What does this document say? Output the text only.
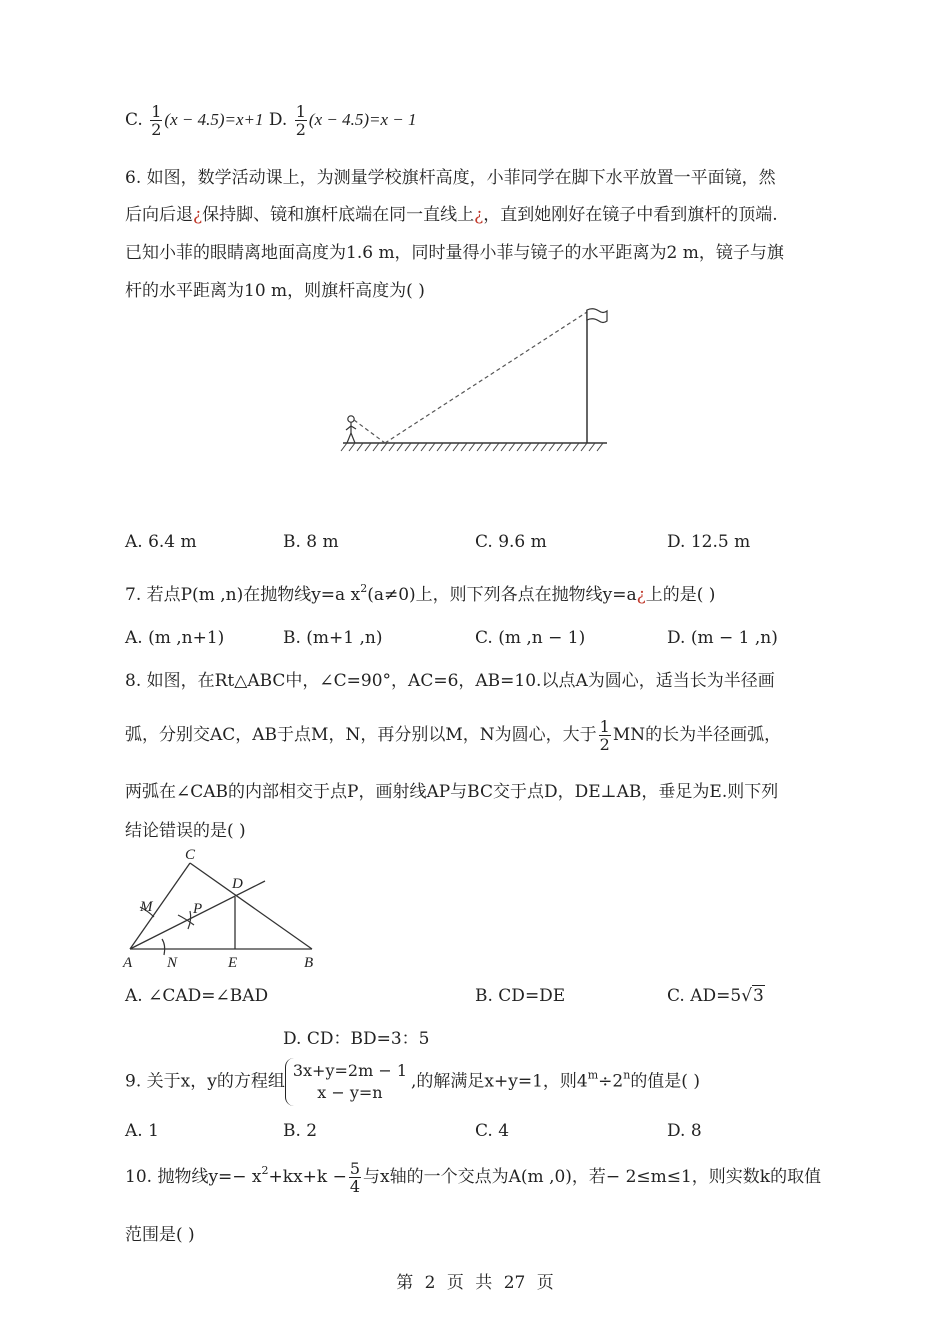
C. $\frac{1}{2} (x - 4.5)=x+1$ D. $\frac{1}{2} (x - 4.5)=x - 1$
6. 如图，数学活动课上，为测量学校旗杆高度，小菲同学在脚下水平放置一平面镜，然
后向后退¿保持脚、镜和旗杆底端在同一直线上¿，直到她刚好在镜子中看到旗杆的顶端.
已知小菲的眼睛离地面高度为1.6 m，同时量得小菲与镜子的水平距离为2 m，镜子与旗
杆的水平距离为10 m，则旗杆高度为( )
A. 6.4 m	B. 8 m	C. 9.6 m	D. 12.5 m
7. 若点P(m ,n)在抛物线y=a $x^2(a\ne 0)$上，则下列各点在抛物线y=a¿上的是( )
A. (m ,n+1)	B. (m+1 ,n)	C. (m ,n − 1)	D. (m − 1 ,n)
8. 如图，在Rt△ABC中，∠C=90°，AC=6，AB=10.以点A为圆心，适当长为半径画
弧，分别交AC，AB于点M，N，再分别以M，N为圆心，大于 $\frac{1}{2}$ MN的长为半径画弧，
两弧在∠CAB的内部相交于点P，画射线AP与BC交于点D，DE⊥AB，垂足为E.则下列
结论错误的是( )
C
D
M	P
A N	E	B
A. ∠CAD=∠BAD	B. CD=DE	C. AD=5√3
D. CD：BD=3：5
9. 关于x，y的方程组
3x+y=2m − 1
x − y=n
,的解满足x+y=1，则$4^m\div 2^n$的值是( )
A. 1	B. 2	C. 4	D. 8
10. 抛物线$y=- x^2+kx+k - \frac{5}{4}$ 与x轴的一个交点为A(m ,0)，若− 2≤m≤1，则实数k的取值
范围是( )
第 2 页 共 27 页
